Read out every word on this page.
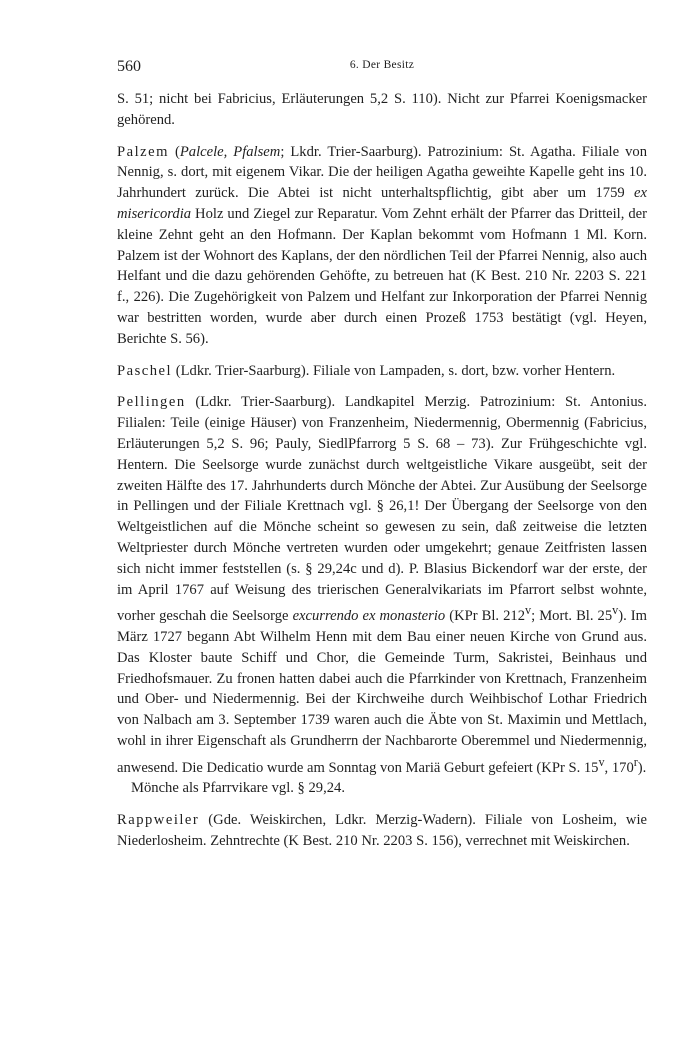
560	6. Der Besitz

S. 51; nicht bei Fabricius, Erläuterungen 5,2 S. 110). Nicht zur Pfarrei Koenigsmacker gehörend.

Palzem (Palcele, Pfalsem; Lkdr. Trier-Saarburg). Patrozinium: St. Agatha. Filiale von Nennig, s. dort, mit eigenem Vikar. Die der heiligen Agatha geweihte Kapelle geht ins 10. Jahrhundert zurück. Die Abtei ist nicht unterhaltspflichtig, gibt aber um 1759 ex misericordia Holz und Ziegel zur Reparatur. Vom Zehnt erhält der Pfarrer das Dritteil, der kleine Zehnt geht an den Hofmann. Der Kaplan bekommt vom Hofmann 1 Ml. Korn. Palzem ist der Wohnort des Kaplans, der den nördlichen Teil der Pfarrei Nennig, also auch Helfant und die dazu gehörenden Gehöfte, zu betreuen hat (K Best. 210 Nr. 2203 S. 221 f., 226). Die Zugehörigkeit von Palzem und Helfant zur Inkorporation der Pfarrei Nennig war bestritten worden, wurde aber durch einen Prozeß 1753 bestätigt (vgl. Heyen, Berichte S. 56).

Paschel (Ldkr. Trier-Saarburg). Filiale von Lampaden, s. dort, bzw. vorher Hentern.

Pellingen (Ldkr. Trier-Saarburg). Landkapitel Merzig. Patrozinium: St. Antonius. Filialen: Teile (einige Häuser) von Franzenheim, Niedermennig, Obermennig (Fabricius, Erläuterungen 5,2 S. 96; Pauly, SiedlPfarrorg 5 S. 68 – 73). Zur Frühgeschichte vgl. Hentern. Die Seelsorge wurde zunächst durch weltgeistliche Vikare ausgeübt, seit der zweiten Hälfte des 17. Jahrhunderts durch Mönche der Abtei. Zur Ausübung der Seelsorge in Pellingen und der Filiale Krettnach vgl. § 26,1! Der Übergang der Seelsorge von den Weltgeistlichen auf die Mönche scheint so gewesen zu sein, daß zeitweise die letzten Weltpriester durch Mönche vertreten wurden oder umgekehrt; genaue Zeitfristen lassen sich nicht immer feststellen (s. § 29,24c und d). P. Blasius Bickendorf war der erste, der im April 1767 auf Weisung des trierischen Generalvikariats im Pfarrort selbst wohnte, vorher geschah die Seelsorge excurrendo ex monasterio (KPr Bl. 212$^v$; Mort. Bl. 25$^v$). Im März 1727 begann Abt Wilhelm Henn mit dem Bau einer neuen Kirche von Grund aus. Das Kloster baute Schiff und Chor, die Gemeinde Turm, Sakristei, Beinhaus und Friedhofsmauer. Zu fronen hatten dabei auch die Pfarrkinder von Krettnach, Franzenheim und Ober- und Niedermennig. Bei der Kirchweihe durch Weihbischof Lothar Friedrich von Nalbach am 3. September 1739 waren auch die Äbte von St. Maximin und Mettlach, wohl in ihrer Eigenschaft als Grundherrn der Nachbarorte Oberemmel und Niedermennig, anwesend. Die Dedicatio wurde am Sonntag von Mariä Geburt gefeiert (KPr S. 15$^v$, 170$^r$).
Mönche als Pfarrvikare vgl. § 29,24.

Rappweiler (Gde. Weiskirchen, Ldkr. Merzig-Wadern). Filiale von Losheim, wie Niederlosheim. Zehntrechte (K Best. 210 Nr. 2203 S. 156), verrechnet mit Weiskirchen.
